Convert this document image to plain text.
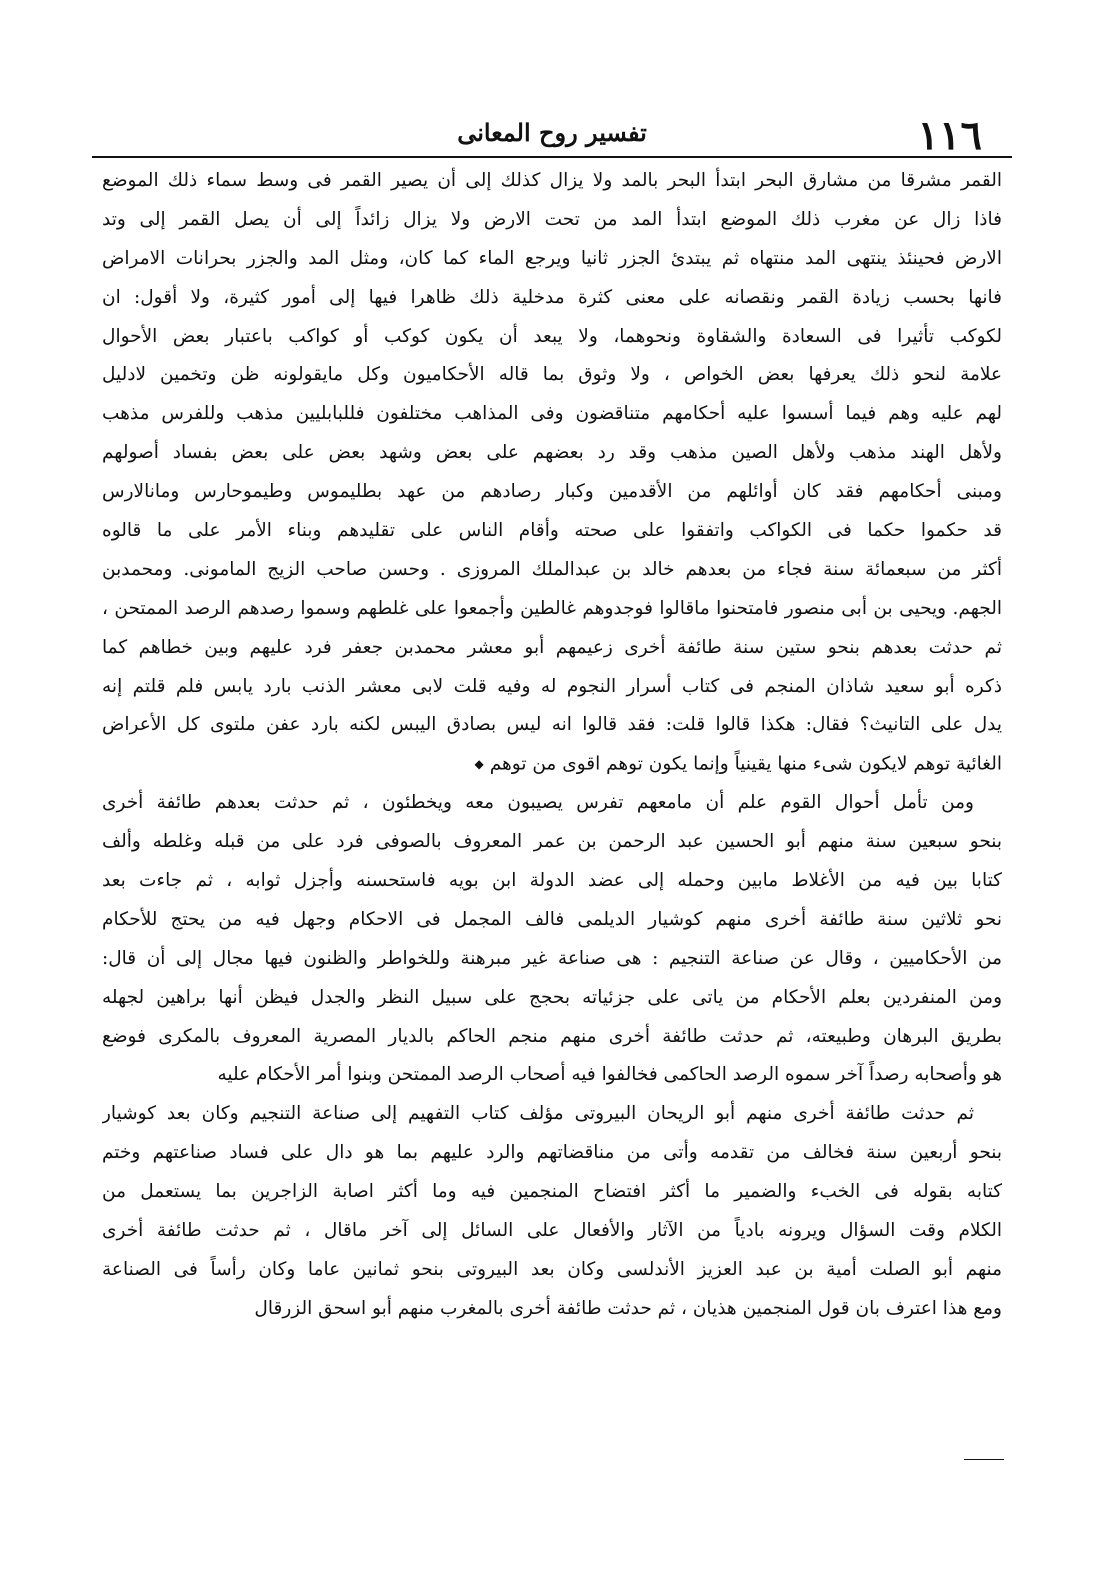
١١٦
تفسير روح المعانى
القمر مشرقا من مشارق البحر ابتدأ البحر بالمد ولا يزال كذلك إلى أن يصير القمر فى وسط سماء ذلك الموضع
فاذا زال عن مغرب ذلك الموضع ابتدأ المد من تحت الارض ولا يزال زائداً إلى أن يصل القمر إلى وتد
الارض فحينئذ ينتهى المد منتهاه ثم يبتدئ الجزر ثانيا ويرجع الماء كما كان، ومثل المد والجزر بحرانات الامراض
فانها بحسب زيادة القمر ونقصانه على معنى كثرة مدخلية ذلك ظاهرا فيها إلى أمور كثيرة، ولا أقول: ان
لكوكب تأثيرا فى السعادة والشقاوة ونحوهما، ولا يبعد أن يكون كوكب أو كواكب باعتبار بعض الأحوال
علامة لنحو ذلك يعرفها بعض الخواص ، ولا وثوق بما قاله الأحكاميون وكل مايقولونه ظن وتخمين لادليل
لهم عليه وهم فيما أسسوا عليه أحكامهم متناقضون وفى المذاهب مختلفون فللبابليين مذهب وللفرس مذهب
ولأهل الهند مذهب ولأهل الصين مذهب وقد رد بعضهم على بعض وشهد بعض على بعض بفساد أصولهم
ومبنى أحكامهم فقد كان أوائلهم من الأقدمين وكبار رصادهم من عهد بطليموس وطيموحارس ومانالارس
قد حكموا حكما فى الكواكب واتفقوا على صحته وأقام الناس على تقليدهم وبناء الأمر على ما قالوه
أكثر من سبعمائة سنة فجاء من بعدهم خالد بن عبدالملك المروزى . وحسن صاحب الزيج المامونى. ومحمدبن
الجهم. ويحيى بن أبى منصور فامتحنوا ماقالوا فوجدوهم غالطين وأجمعوا على غلطهم وسموا رصدهم الرصد الممتحن ،
ثم حدثت بعدهم بنحو ستين سنة طائفة أخرى زعيمهم أبو معشر محمدبن جعفر فرد عليهم وبين خطاهم كما
ذكره أبو سعيد شاذان المنجم فى كتاب أسرار النجوم له وفيه قلت لابى معشر الذنب بارد يابس فلم قلتم إنه
يدل على التانيث؟ فقال: هكذا قالوا قلت: فقد قالوا انه ليس بصادق اليبس لكنه بارد عفن ملتوى كل الأعراض
الغائية توهم لايكون شىء منها يقينياً وإنما يكون توهم اقوى من توهم◆
ومن تأمل أحوال القوم علم أن مامعهم تفرس يصيبون معه ويخطئون ، ثم حدثت بعدهم طائفة أخرى
بنحو سبعين سنة منهم أبو الحسين عبد الرحمن بن عمر المعروف بالصوفى فرد على من قبله وغلطه وألف
كتابا بين فيه من الأغلاط مابين وحمله إلى عضد الدولة ابن بويه فاستحسنه وأجزل ثوابه ، ثم جاءت بعد
نحو ثلاثين سنة طائفة أخرى منهم كوشيار الديلمى فالف المجمل فى الاحكام وجهل فيه من يحتج للأحكام
من الأحكاميين ، وقال عن صناعة التنجيم : هى صناعة غير مبرهنة وللخواطر والظنون فيها مجال إلى أن قال:
ومن المنفردين بعلم الأحكام من ياتى على جزئياته بحجج على سبيل النظر والجدل فيظن أنها براهين لجهله
بطريق البرهان وطبيعته، ثم حدثت طائفة أخرى منهم منجم الحاكم بالديار المصرية المعروف بالمكرى فوضع
هو وأصحابه رصداً آخر سموه الرصد الحاكمى فخالفوا فيه أصحاب الرصد الممتحن وبنوا أمر الأحكام عليه
ثم حدثت طائفة أخرى منهم أبو الريحان البيروتى مؤلف كتاب التفهيم إلى صناعة التنجيم وكان بعد كوشيار
بنحو أربعين سنة فخالف من تقدمه وأتى من مناقضاتهم والرد عليهم بما هو دال على فساد صناعتهم وختم
كتابه بقوله فى الخبء والضمير ما أكثر افتضاح المنجمين فيه وما أكثر اصابة الزاجرين بما يستعمل من
الكلام وقت السؤال ويرونه بادياً من الآثار والأفعال على السائل إلى آخر ماقال ، ثم حدثت طائفة أخرى
منهم أبو الصلت أمية بن عبد العزيز الأندلسى وكان بعد البيروتى بنحو ثمانين عاما وكان رأساً فى الصناعة
ومع هذا اعترف بان قول المنجمين هذيان ، ثم حدثت طائفة أخرى بالمغرب منهم أبو اسحق الزرقال
